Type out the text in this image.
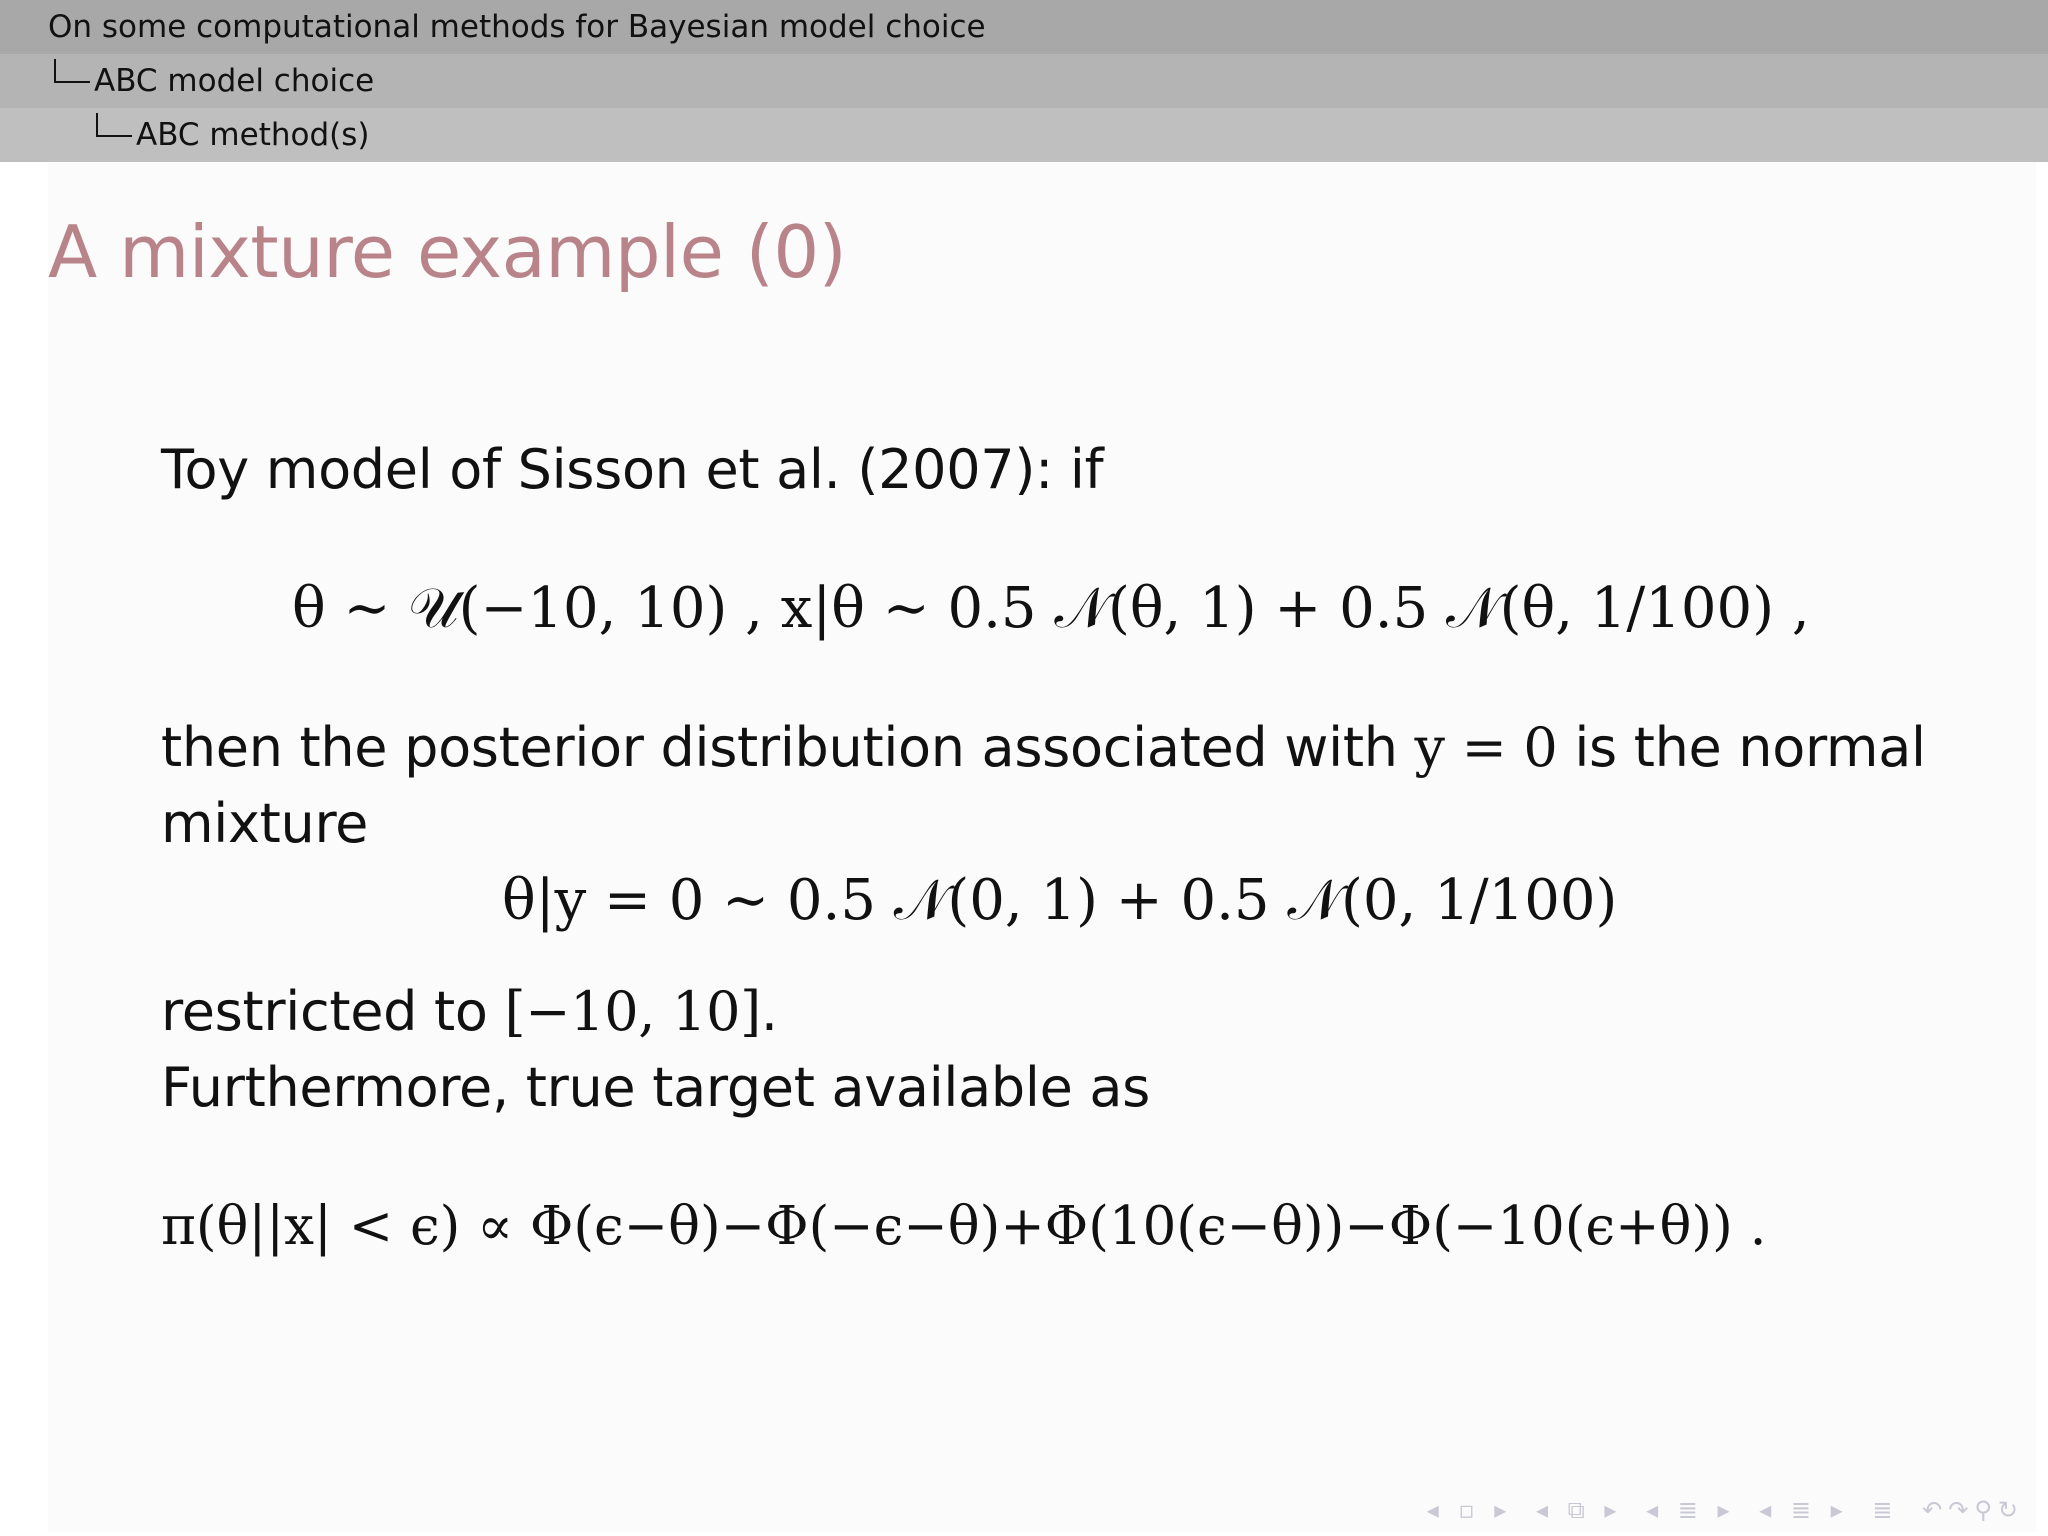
On some computational methods for Bayesian model choice
ABC model choice
ABC method(s)
A mixture example (0)
Toy model of Sisson et al. (2007): if
θ ∼ 𝒰(−10, 10) , x|θ ∼ 0.5 𝒩(θ, 1) + 0.5 𝒩(θ, 1/100) ,
then the posterior distribution associated with y = 0 is the normal
mixture
θ|y = 0 ∼ 0.5 𝒩(0, 1) + 0.5 𝒩(0, 1/100)
restricted to [−10, 10].
Furthermore, true target available as
π(θ||x| < ϵ) ∝ Φ(ϵ−θ)−Φ(−ϵ−θ)+Φ(10(ϵ−θ))−Φ(−10(ϵ+θ)) .
◂ ▫ ▸ ◂ ⧉ ▸ ◂ ≣ ▸ ◂ ≣ ▸ ≣ ↶↷⚲↻
